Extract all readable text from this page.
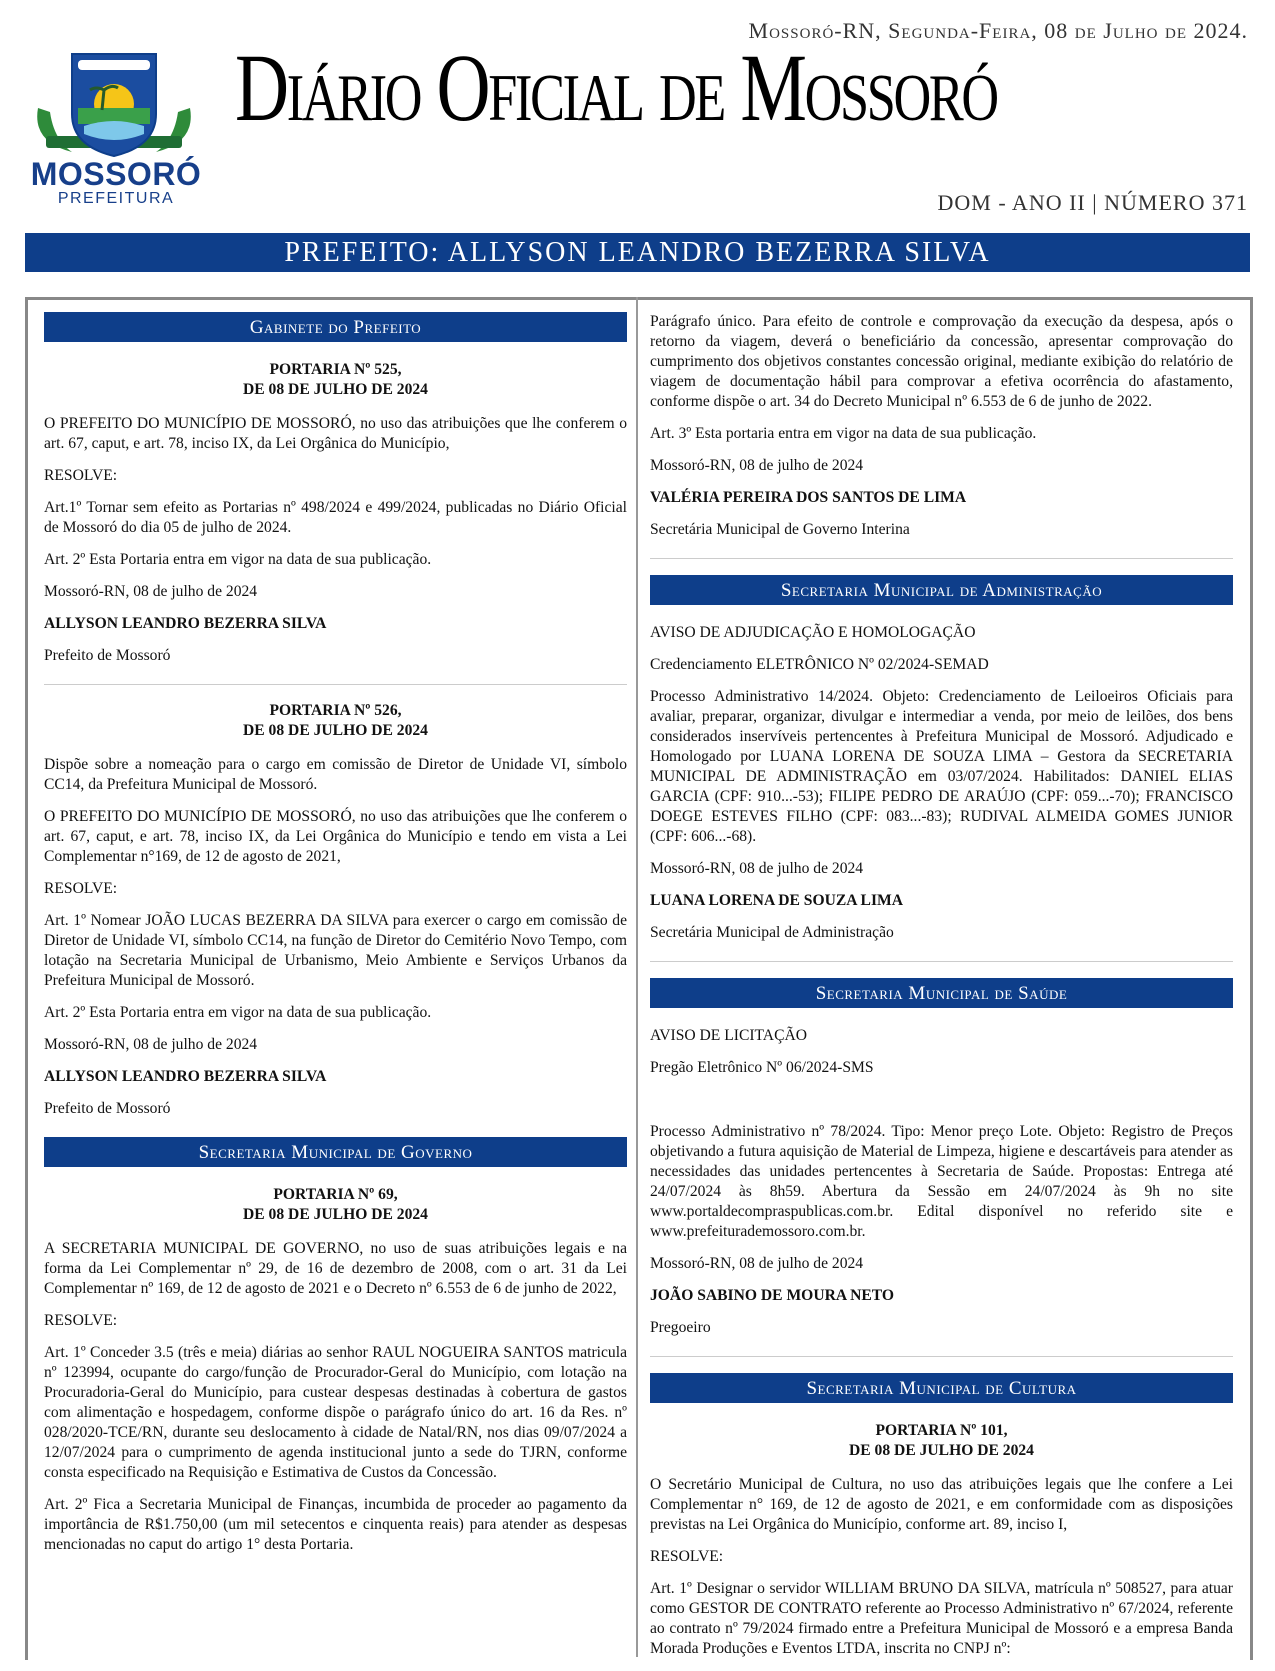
Mossoró-RN, Segunda-Feira, 08 de Julho de 2024.
MOSSORÓ
PREFEITURA
Diário Oficial de Mossoró
DOM - ANO II | NÚMERO 371
PREFEITO: ALLYSON LEANDRO BEZERRA SILVA
Gabinete do Prefeito
PORTARIA Nº 525,
DE 08 DE JULHO DE 2024

O PREFEITO DO MUNICÍPIO DE MOSSORÓ, no uso das atribuições que lhe conferem o art. 67, caput, e art. 78, inciso IX, da Lei Orgânica do Município,

RESOLVE:

Art.1º Tornar sem efeito as Portarias nº 498/2024 e 499/2024, publicadas no Diário Oficial de Mossoró do dia 05 de julho de 2024.

Art. 2º Esta Portaria entra em vigor na data de sua publicação.

Mossoró-RN, 08 de julho de 2024

ALLYSON LEANDRO BEZERRA SILVA

Prefeito de Mossoró

PORTARIA Nº 526,
DE 08 DE JULHO DE 2024

Dispõe sobre a nomeação para o cargo em comissão de Diretor de Unidade VI, símbolo CC14, da Prefeitura Municipal de Mossoró.

O PREFEITO DO MUNICÍPIO DE MOSSORÓ, no uso das atribuições que lhe conferem o art. 67, caput, e art. 78, inciso IX, da Lei Orgânica do Município e tendo em vista a Lei Complementar n°169, de 12 de agosto de 2021,

RESOLVE:

Art. 1º Nomear JOÃO LUCAS BEZERRA DA SILVA para exercer o cargo em comissão de Diretor de Unidade VI, símbolo CC14, na função de Diretor do Cemitério Novo Tempo, com lotação na Secretaria Municipal de Urbanismo, Meio Ambiente e Serviços Urbanos da Prefeitura Municipal de Mossoró.

Art. 2º Esta Portaria entra em vigor na data de sua publicação.

Mossoró-RN, 08 de julho de 2024

ALLYSON LEANDRO BEZERRA SILVA

Prefeito de Mossoró

Secretaria Municipal de Governo
PORTARIA Nº 69,
DE 08 DE JULHO DE 2024

A SECRETARIA MUNICIPAL DE GOVERNO, no uso de suas atribuições legais e na forma da Lei Complementar nº 29, de 16 de dezembro de 2008, com o art. 31 da Lei Complementar nº 169, de 12 de agosto de 2021 e o Decreto nº 6.553 de 6 de junho de 2022,

RESOLVE:

Art. 1º Conceder 3.5 (três e meia) diárias ao senhor RAUL NOGUEIRA SANTOS matricula nº 123994, ocupante do cargo/função de Procurador-Geral do Município, com lotação na Procuradoria-Geral do Município, para custear despesas destinadas à cobertura de gastos com alimentação e hospedagem, conforme dispõe o parágrafo único do art. 16 da Res. nº 028/2020-TCE/RN, durante seu deslocamento à cidade de Natal/RN, nos dias 09/07/2024 a 12/07/2024 para o cumprimento de agenda institucional junto a sede do TJRN, conforme consta especificado na Requisição e Estimativa de Custos da Concessão.

Art. 2º Fica a Secretaria Municipal de Finanças, incumbida de proceder ao pagamento da importância de R$1.750,00 (um mil setecentos e cinquenta reais) para atender as despesas mencionadas no caput do artigo 1° desta Portaria.

Parágrafo único. Para efeito de controle e comprovação da execução da despesa, após o retorno da viagem, deverá o beneficiário da concessão, apresentar comprovação do cumprimento dos objetivos constantes concessão original, mediante exibição do relatório de viagem de documentação hábil para comprovar a efetiva ocorrência do afastamento, conforme dispõe o art. 34 do Decreto Municipal nº 6.553 de 6 de junho de 2022.

Art. 3º Esta portaria entra em vigor na data de sua publicação.

Mossoró-RN, 08 de julho de 2024

VALÉRIA PEREIRA DOS SANTOS DE LIMA

Secretária Municipal de Governo Interina

Secretaria Municipal de Administração

AVISO DE ADJUDICAÇÃO E HOMOLOGAÇÃO

Credenciamento ELETRÔNICO Nº 02/2024-SEMAD

Processo Administrativo 14/2024. Objeto: Credenciamento de Leiloeiros Oficiais para avaliar, preparar, organizar, divulgar e intermediar a venda, por meio de leilões, dos bens considerados inservíveis pertencentes à Prefeitura Municipal de Mossoró. Adjudicado e Homologado por LUANA LORENA DE SOUZA LIMA – Gestora da SECRETARIA MUNICIPAL DE ADMINISTRAÇÃO em 03/07/2024. Habilitados: DANIEL ELIAS GARCIA (CPF: 910...-53); FILIPE PEDRO DE ARAÚJO (CPF: 059...-70); FRANCISCO DOEGE ESTEVES FILHO (CPF: 083...-83); RUDIVAL ALMEIDA GOMES JUNIOR (CPF: 606...-68).

Mossoró-RN, 08 de julho de 2024

LUANA LORENA DE SOUZA LIMA

Secretária Municipal de Administração

Secretaria Municipal de Saúde

AVISO DE LICITAÇÃO

Pregão Eletrônico Nº 06/2024-SMS

Processo Administrativo nº 78/2024. Tipo: Menor preço Lote. Objeto: Registro de Preços objetivando a futura aquisição de Material de Limpeza, higiene e descartáveis para atender as necessidades das unidades pertencentes à Secretaria de Saúde. Propostas: Entrega até 24/07/2024 às 8h59. Abertura da Sessão em 24/07/2024 às 9h no site www.portaldecompraspublicas.com.br. Edital disponível no referido site e www.prefeiturademossoro.com.br.

Mossoró-RN, 08 de julho de 2024

JOÃO SABINO DE MOURA NETO

Pregoeiro

Secretaria Municipal de Cultura
PORTARIA Nº 101,
DE 08 DE JULHO DE 2024

O Secretário Municipal de Cultura, no uso das atribuições legais que lhe confere a Lei Complementar n° 169, de 12 de agosto de 2021, e em conformidade com as disposições previstas na Lei Orgânica do Município, conforme art. 89, inciso I,

RESOLVE:

Art. 1º Designar o servidor WILLIAM BRUNO DA SILVA, matrícula nº 508527, para atuar como GESTOR DE CONTRATO referente ao Processo Administrativo nº 67/2024, referente ao contrato nº 79/2024 firmado entre a Prefeitura Municipal de Mossoró e a empresa Banda Morada Produções e Eventos LTDA, inscrita no CNPJ nº:
